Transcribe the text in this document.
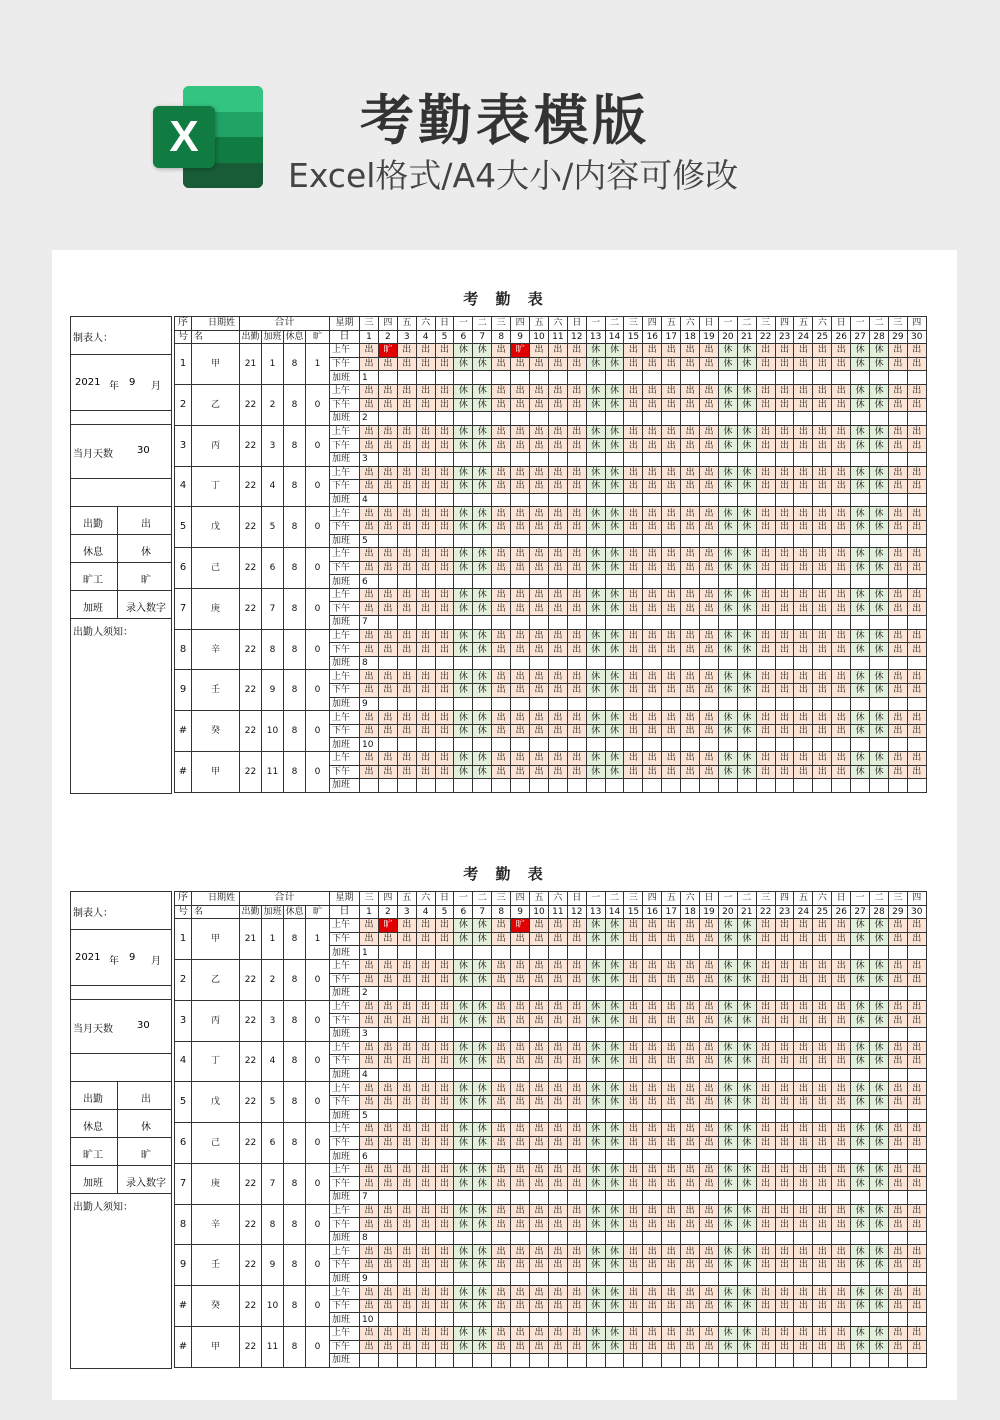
X	考勤表模版
Excel格式/A4大小/内容可修改
考 勤 表
制表人：
2021 年 9 月
当月天数 30
出勤	出
休息	休
旷工	旷
加班	录入数字
出勤人须知：
序	日期姓	合计				星期	三	四	五	六	日	一	二	三	四	五	六	日	一	二	三	四	五	六	日	一	二	三	四	五	六	日	一	二	三	四
号	名	出勤	加班	休息	旷	日	1	2	3	4	5	6	7	8	9	10	11	12	13	14	15	16	17	18	19	20	21	22	23	24	25	26	27	28	29	30
1	甲	21	1	8	1	上午	出	旷	出	出	出	休	休	出	旷	出	出	出	休	休	出	出	出	出	出	休	休	出	出	出	出	出	休	休	出	出
						下午	出	出	出	出	出	休	休	出	出	出	出	出	休	休	出	出	出	出	出	休	休	出	出	出	出	出	休	休	出	出
						加班	1																													
2	乙	22	2	8	0	上午	出	出	出	出	出	休	休	出	出	出	出	出	休	休	出	出	出	出	出	休	休	出	出	出	出	出	休	休	出	出
						下午	出	出	出	出	出	休	休	出	出	出	出	出	休	休	出	出	出	出	出	休	休	出	出	出	出	出	休	休	出	出
						加班	2																													
3	丙	22	3	8	0	上午	出	出	出	出	出	休	休	出	出	出	出	出	休	休	出	出	出	出	出	休	休	出	出	出	出	出	休	休	出	出
						下午	出	出	出	出	出	休	休	出	出	出	出	出	休	休	出	出	出	出	出	休	休	出	出	出	出	出	休	休	出	出
						加班	3																													
4	丁	22	4	8	0	上午	出	出	出	出	出	休	休	出	出	出	出	出	休	休	出	出	出	出	出	休	休	出	出	出	出	出	休	休	出	出
						下午	出	出	出	出	出	休	休	出	出	出	出	出	休	休	出	出	出	出	出	休	休	出	出	出	出	出	休	休	出	出
						加班	4																													
5	戊	22	5	8	0	上午	出	出	出	出	出	休	休	出	出	出	出	出	休	休	出	出	出	出	出	休	休	出	出	出	出	出	休	休	出	出
						下午	出	出	出	出	出	休	休	出	出	出	出	出	休	休	出	出	出	出	出	休	休	出	出	出	出	出	休	休	出	出
						加班	5																													
6	己	22	6	8	0	上午	出	出	出	出	出	休	休	出	出	出	出	出	休	休	出	出	出	出	出	休	休	出	出	出	出	出	休	休	出	出
						下午	出	出	出	出	出	休	休	出	出	出	出	出	休	休	出	出	出	出	出	休	休	出	出	出	出	出	休	休	出	出
						加班	6																													
7	庚	22	7	8	0	上午	出	出	出	出	出	休	休	出	出	出	出	出	休	休	出	出	出	出	出	休	休	出	出	出	出	出	休	休	出	出
						下午	出	出	出	出	出	休	休	出	出	出	出	出	休	休	出	出	出	出	出	休	休	出	出	出	出	出	休	休	出	出
						加班	7																													
8	辛	22	8	8	0	上午	出	出	出	出	出	休	休	出	出	出	出	出	休	休	出	出	出	出	出	休	休	出	出	出	出	出	休	休	出	出
						下午	出	出	出	出	出	休	休	出	出	出	出	出	休	休	出	出	出	出	出	休	休	出	出	出	出	出	休	休	出	出
						加班	8																													
9	壬	22	9	8	0	上午	出	出	出	出	出	休	休	出	出	出	出	出	休	休	出	出	出	出	出	休	休	出	出	出	出	出	休	休	出	出
						下午	出	出	出	出	出	休	休	出	出	出	出	出	休	休	出	出	出	出	出	休	休	出	出	出	出	出	休	休	出	出
						加班	9																													
#	癸	22	10	8	0	上午	出	出	出	出	出	休	休	出	出	出	出	出	休	休	出	出	出	出	出	休	休	出	出	出	出	出	休	休	出	出
						下午	出	出	出	出	出	休	休	出	出	出	出	出	休	休	出	出	出	出	出	休	休	出	出	出	出	出	休	休	出	出
						加班	10																													
#	甲	22	11	8	0	上午	出	出	出	出	出	休	休	出	出	出	出	出	休	休	出	出	出	出	出	休	休	出	出	出	出	出	休	休	出	出
						下午	出	出	出	出	出	休	休	出	出	出	出	出	休	休	出	出	出	出	出	休	休	出	出	出	出	出	休	休	出	出
						加班																														
考 勤 表
制表人：
2021 年 9 月
当月天数 30
出勤	出
休息	休
旷工	旷
加班	录入数字
出勤人须知：
序	日期姓	合计				星期	三	四	五	六	日	一	二	三	四	五	六	日	一	二	三	四	五	六	日	一	二	三	四	五	六	日	一	二	三	四
号	名	出勤	加班	休息	旷	日	1	2	3	4	5	6	7	8	9	10	11	12	13	14	15	16	17	18	19	20	21	22	23	24	25	26	27	28	29	30
1	甲	21	1	8	1	上午	出	旷	出	出	出	休	休	出	旷	出	出	出	休	休	出	出	出	出	出	休	休	出	出	出	出	出	休	休	出	出
						下午	出	出	出	出	出	休	休	出	出	出	出	出	休	休	出	出	出	出	出	休	休	出	出	出	出	出	休	休	出	出
						加班	1																													
2	乙	22	2	8	0	上午	出	出	出	出	出	休	休	出	出	出	出	出	休	休	出	出	出	出	出	休	休	出	出	出	出	出	休	休	出	出
						下午	出	出	出	出	出	休	休	出	出	出	出	出	休	休	出	出	出	出	出	休	休	出	出	出	出	出	休	休	出	出
						加班	2																													
3	丙	22	3	8	0	上午	出	出	出	出	出	休	休	出	出	出	出	出	休	休	出	出	出	出	出	休	休	出	出	出	出	出	休	休	出	出
						下午	出	出	出	出	出	休	休	出	出	出	出	出	休	休	出	出	出	出	出	休	休	出	出	出	出	出	休	休	出	出
						加班	3																													
4	丁	22	4	8	0	上午	出	出	出	出	出	休	休	出	出	出	出	出	休	休	出	出	出	出	出	休	休	出	出	出	出	出	休	休	出	出
						下午	出	出	出	出	出	休	休	出	出	出	出	出	休	休	出	出	出	出	出	休	休	出	出	出	出	出	休	休	出	出
						加班	4																													
5	戊	22	5	8	0	上午	出	出	出	出	出	休	休	出	出	出	出	出	休	休	出	出	出	出	出	休	休	出	出	出	出	出	休	休	出	出
						下午	出	出	出	出	出	休	休	出	出	出	出	出	休	休	出	出	出	出	出	休	休	出	出	出	出	出	休	休	出	出
						加班	5																													
6	己	22	6	8	0	上午	出	出	出	出	出	休	休	出	出	出	出	出	休	休	出	出	出	出	出	休	休	出	出	出	出	出	休	休	出	出
						下午	出	出	出	出	出	休	休	出	出	出	出	出	休	休	出	出	出	出	出	休	休	出	出	出	出	出	休	休	出	出
						加班	6																													
7	庚	22	7	8	0	上午	出	出	出	出	出	休	休	出	出	出	出	出	休	休	出	出	出	出	出	休	休	出	出	出	出	出	休	休	出	出
						下午	出	出	出	出	出	休	休	出	出	出	出	出	休	休	出	出	出	出	出	休	休	出	出	出	出	出	休	休	出	出
						加班	7																													
8	辛	22	8	8	0	上午	出	出	出	出	出	休	休	出	出	出	出	出	休	休	出	出	出	出	出	休	休	出	出	出	出	出	休	休	出	出
						下午	出	出	出	出	出	休	休	出	出	出	出	出	休	休	出	出	出	出	出	休	休	出	出	出	出	出	休	休	出	出
						加班	8																													
9	壬	22	9	8	0	上午	出	出	出	出	出	休	休	出	出	出	出	出	休	休	出	出	出	出	出	休	休	出	出	出	出	出	休	休	出	出
						下午	出	出	出	出	出	休	休	出	出	出	出	出	休	休	出	出	出	出	出	休	休	出	出	出	出	出	休	休	出	出
						加班	9																													
#	癸	22	10	8	0	上午	出	出	出	出	出	休	休	出	出	出	出	出	休	休	出	出	出	出	出	休	休	出	出	出	出	出	休	休	出	出
						下午	出	出	出	出	出	休	休	出	出	出	出	出	休	休	出	出	出	出	出	休	休	出	出	出	出	出	休	休	出	出
						加班	10																													
#	甲	22	11	8	0	上午	出	出	出	出	出	休	休	出	出	出	出	出	休	休	出	出	出	出	出	休	休	出	出	出	出	出	休	休	出	出
						下午	出	出	出	出	出	休	休	出	出	出	出	出	休	休	出	出	出	出	出	休	休	出	出	出	出	出	休	休	出	出
						加班																														
